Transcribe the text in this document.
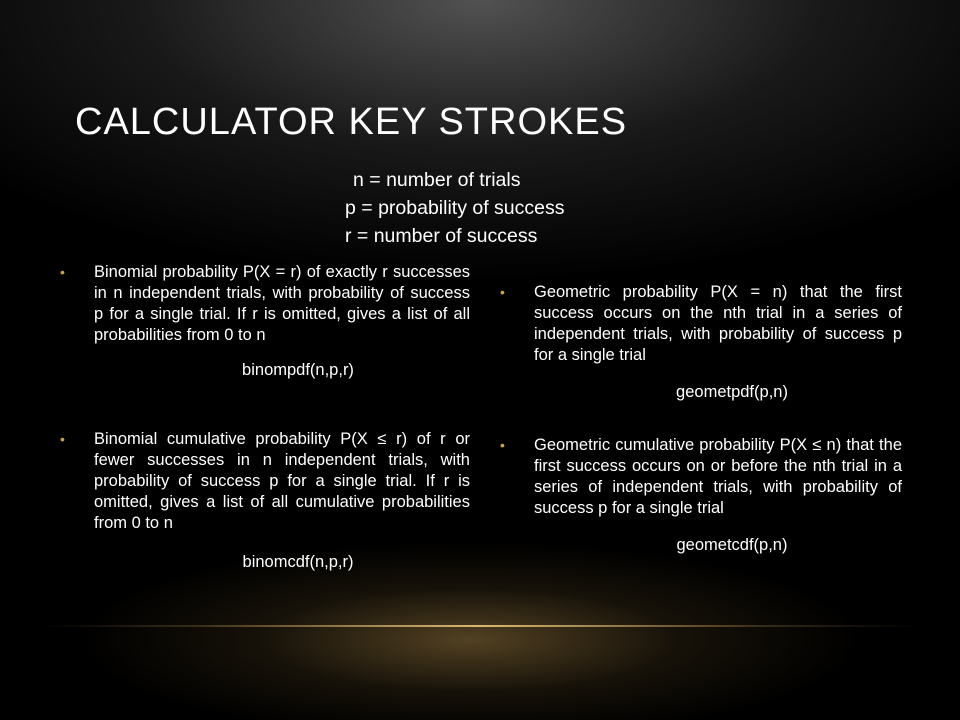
CALCULATOR KEY STROKES
n = number of trials
p = probability of success
r = number of success
• Binomial probability P(X = r) of exactly r successes in n independent trials, with probability of success p for a single trial. If r is omitted, gives a list of all probabilities from 0 to n
binompdf(n,p,r)
• Binomial cumulative probability P(X ≤ r) of r or fewer successes in n independent trials, with probability of success p for a single trial. If r is omitted, gives a list of all cumulative probabilities from 0 to n
binomcdf(n,p,r)
• Geometric probability P(X = n) that the first success occurs on the nth trial in a series of independent trials, with probability of success p for a single trial
geometpdf(p,n)
• Geometric cumulative probability P(X ≤ n) that the first success occurs on or before the nth trial in a series of independent trials, with probability of success p for a single trial
geometcdf(p,n)
